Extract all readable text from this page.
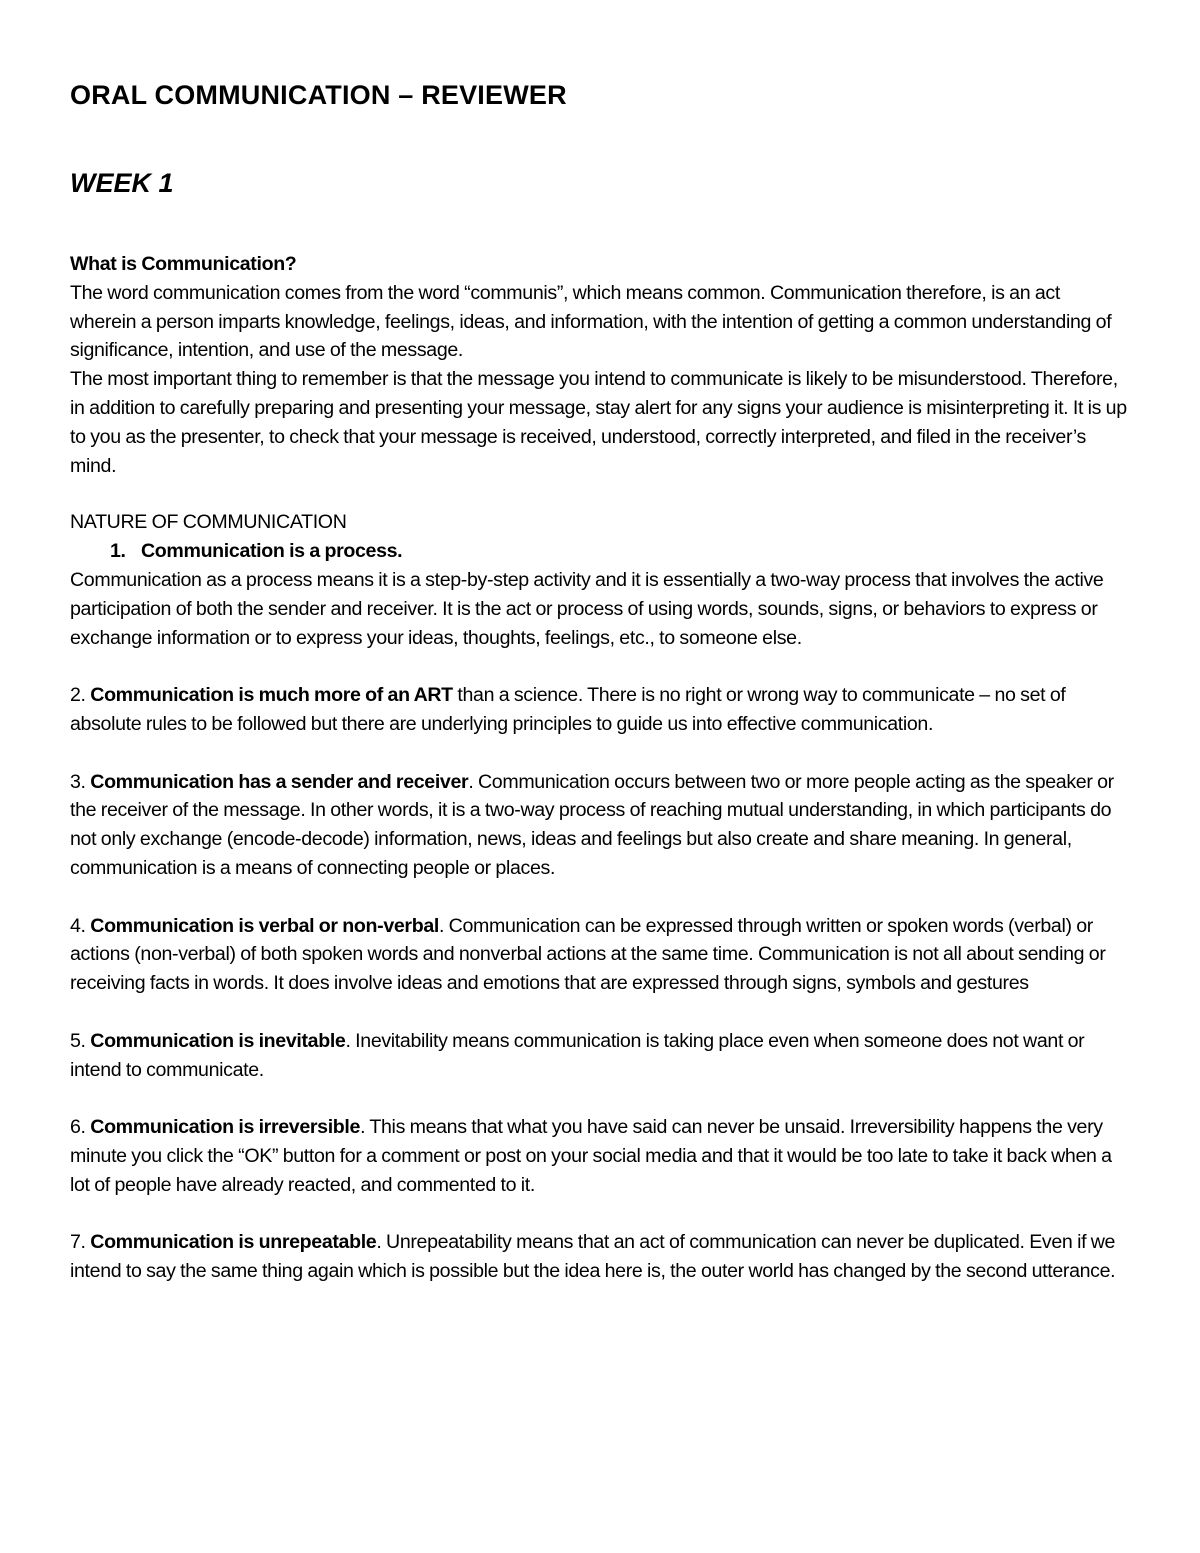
ORAL COMMUNICATION – REVIEWER
WEEK 1

What is Communication?

The word communication comes from the word “communis”, which means common. Communication therefore, is an act wherein a person imparts knowledge, feelings, ideas, and information, with the intention of getting a common understanding of significance, intention, and use of the message.

The most important thing to remember is that the message you intend to communicate is likely to be misunderstood. Therefore, in addition to carefully preparing and presenting your message, stay alert for any signs your audience is misinterpreting it. It is up to you as the presenter, to check that your message is received, understood, correctly interpreted, and filed in the receiver’s mind.

NATURE OF COMMUNICATION

1. Communication is a process.

Communication as a process means it is a step-by-step activity and it is essentially a two-way process that involves the active participation of both the sender and receiver. It is the act or process of using words, sounds, signs, or behaviors to express or exchange information or to express your ideas, thoughts, feelings, etc., to someone else.

2. Communication is much more of an ART than a science. There is no right or wrong way to communicate – no set of absolute rules to be followed but there are underlying principles to guide us into effective communication.

3. Communication has a sender and receiver. Communication occurs between two or more people acting as the speaker or the receiver of the message. In other words, it is a two-way process of reaching mutual understanding, in which participants do not only exchange (encode-decode) information, news, ideas and feelings but also create and share meaning. In general, communication is a means of connecting people or places.

4. Communication is verbal or non-verbal. Communication can be expressed through written or spoken words (verbal) or actions (non-verbal) of both spoken words and nonverbal actions at the same time. Communication is not all about sending or receiving facts in words. It does involve ideas and emotions that are expressed through signs, symbols and gestures

5. Communication is inevitable. Inevitability means communication is taking place even when someone does not want or intend to communicate.

6. Communication is irreversible. This means that what you have said can never be unsaid. Irreversibility happens the very minute you click the “OK” button for a comment or post on your social media and that it would be too late to take it back when a lot of people have already reacted, and commented to it.

7. Communication is unrepeatable. Unrepeatability means that an act of communication can never be duplicated. Even if we intend to say the same thing again which is possible but the idea here is, the outer world has changed by the second utterance.
